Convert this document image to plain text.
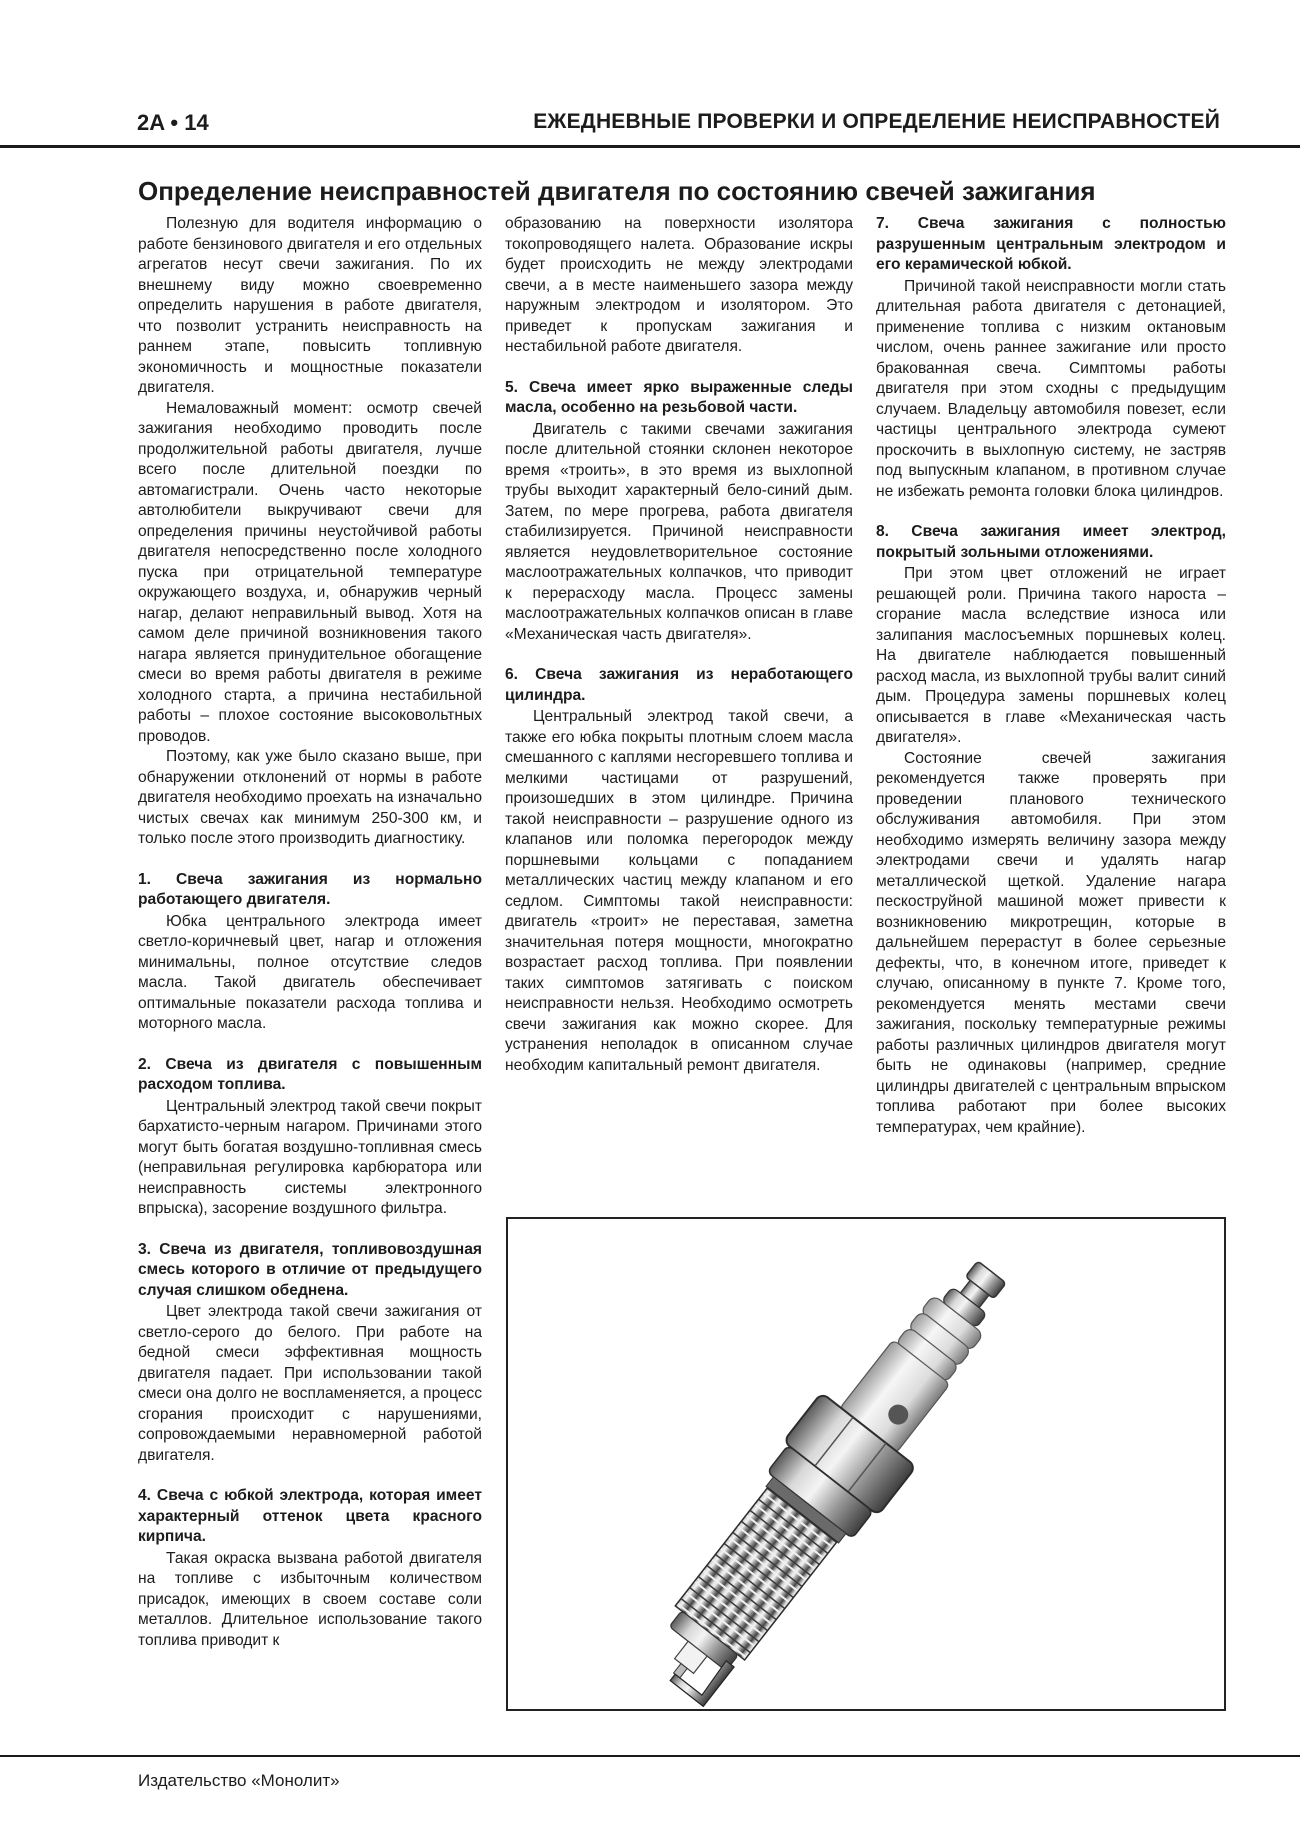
2A • 14	ЕЖЕДНЕВНЫЕ ПРОВЕРКИ И ОПРЕДЕЛЕНИЕ НЕИСПРАВНОСТЕЙ
Определение неисправностей двигателя по состоянию свечей зажигания

Полезную для водителя информацию о работе бензинового двигателя и его отдельных агрегатов несут свечи зажигания. По их внешнему виду можно своевременно определить нарушения в работе двигателя, что позволит устранить неисправность на раннем этапе, повысить топливную экономичность и мощностные показатели двигателя.

Немаловажный момент: осмотр свечей зажигания необходимо проводить после продолжительной работы двигателя, лучше всего после длительной поездки по автомагистрали. Очень часто некоторые автолюбители выкручивают свечи для определения причины неустойчивой работы двигателя непосредственно после холодного пуска при отрицательной температуре окружающего воздуха, и, обнаружив черный нагар, делают неправильный вывод. Хотя на самом деле причиной возникновения такого нагара является принудительное обогащение смеси во время работы двигателя в режиме холодного старта, а причина нестабильной работы – плохое состояние высоковольтных проводов.

Поэтому, как уже было сказано выше, при обнаружении отклонений от нормы в работе двигателя необходимо проехать на изначально чистых свечах как минимум 250-300 км, и только после этого производить диагностику.

1. Свеча зажигания из нормально работающего двигателя.

Юбка центрального электрода имеет светло-коричневый цвет, нагар и отложения минимальны, полное отсутствие следов масла. Такой двигатель обеспечивает оптимальные показатели расхода топлива и моторного масла.

2. Свеча из двигателя с повышенным расходом топлива.

Центральный электрод такой свечи покрыт бархатисто-черным нагаром. Причинами этого могут быть богатая воздушно-топливная смесь (неправильная регулировка карбюратора или неисправность системы электронного впрыска), засорение воздушного фильтра.

3. Свеча из двигателя, топливовоздушная смесь которого в отличие от предыдущего случая слишком обеднена.

Цвет электрода такой свечи зажигания от светло-серого до белого. При работе на бедной смеси эффективная мощность двигателя падает. При использовании такой смеси она долго не воспламеняется, а процесс сгорания происходит с нарушениями, сопровождаемыми неравномерной работой двигателя.

4. Свеча с юбкой электрода, которая имеет характерный оттенок цвета красного кирпича.

Такая окраска вызвана работой двигателя на топливе с избыточным количеством присадок, имеющих в своем составе соли металлов. Длительное использование такого топлива приводит к

образованию на поверхности изолятора токопроводящего налета. Образование искры будет происходить не между электродами свечи, а в месте наименьшего зазора между наружным электродом и изолятором. Это приведет к пропускам зажигания и нестабильной работе двигателя.

5. Свеча имеет ярко выраженные следы масла, особенно на резьбовой части.

Двигатель с такими свечами зажигания после длительной стоянки склонен некоторое время «троить», в это время из выхлопной трубы выходит характерный бело-синий дым. Затем, по мере прогрева, работа двигателя стабилизируется. Причиной неисправности является неудовлетворительное состояние маслоотражательных колпачков, что приводит к перерасходу масла. Процесс замены маслоотражательных колпачков описан в главе «Механическая часть двигателя».

6. Свеча зажигания из неработающего цилиндра.

Центральный электрод такой свечи, а также его юбка покрыты плотным слоем масла смешанного с каплями несгоревшего топлива и мелкими частицами от разрушений, произошедших в этом цилиндре. Причина такой неисправности – разрушение одного из клапанов или поломка перегородок между поршневыми кольцами с попаданием металлических частиц между клапаном и его седлом. Симптомы такой неисправности: двигатель «троит» не переставая, заметна значительная потеря мощности, многократно возрастает расход топлива. При появлении таких симптомов затягивать с поиском неисправности нельзя. Необходимо осмотреть свечи зажигания как можно скорее. Для устранения неполадок в описанном случае необходим капитальный ремонт двигателя.

7. Свеча зажигания с полностью разрушенным центральным электродом и его керамической юбкой.

Причиной такой неисправности могли стать длительная работа двигателя с детонацией, применение топлива с низким октановым числом, очень раннее зажигание или просто бракованная свеча. Симптомы работы двигателя при этом сходны с предыдущим случаем. Владельцу автомобиля повезет, если частицы центрального электрода сумеют проскочить в выхлопную систему, не застряв под выпускным клапаном, в противном случае не избежать ремонта головки блока цилиндров.

8. Свеча зажигания имеет электрод, покрытый зольными отложениями.

При этом цвет отложений не играет решающей роли. Причина такого нароста – сгорание масла вследствие износа или залипания маслосъемных поршневых колец. На двигателе наблюдается повышенный расход масла, из выхлопной трубы валит синий дым. Процедура замены поршневых колец описывается в главе «Механическая часть двигателя».

Состояние свечей зажигания рекомендуется также проверять при проведении планового технического обслуживания автомобиля. При этом необходимо измерять величину зазора между электродами свечи и удалять нагар металлической щеткой. Удаление нагара пескоструйной машиной может привести к возникновению микротрещин, которые в дальнейшем перерастут в более серьезные дефекты, что, в конечном итоге, приведет к случаю, описанному в пункте 7. Кроме того, рекомендуется менять местами свечи зажигания, поскольку температурные режимы работы различных цилиндров двигателя могут быть не одинаковы (например, средние цилиндры двигателей с центральным впрыском топлива работают при более высоких температурах, чем крайние).

Издательство «Монолит»
